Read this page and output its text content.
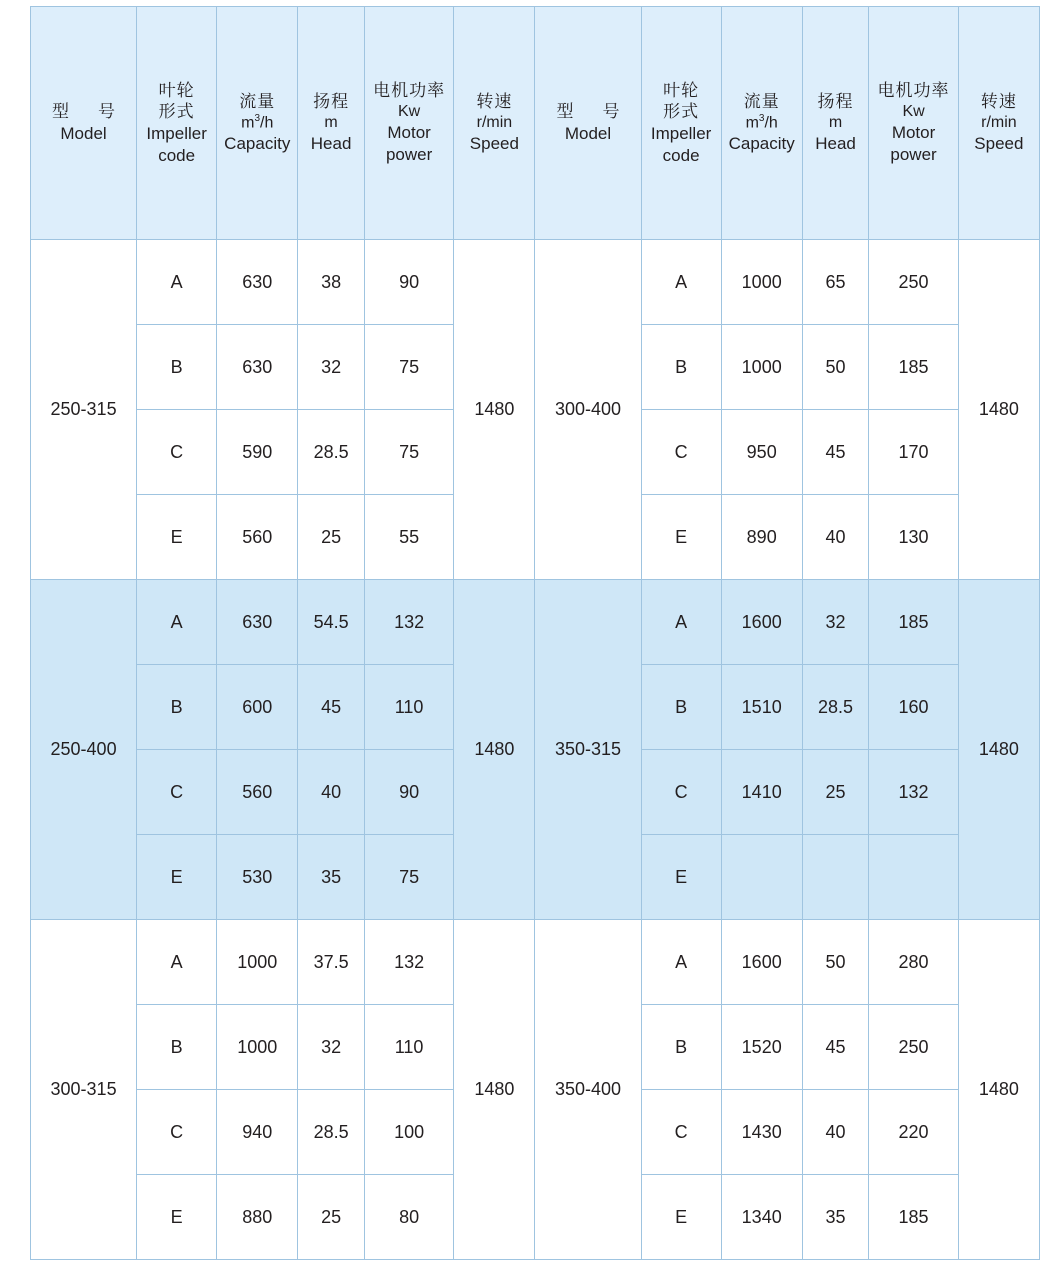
型　号
Model	叶轮
形式
Impeller
code	流量
$m^3/h$
Capacity	扬程
m
Head	电机功率
Kw
Motor
power	转速
r/min
Speed	型　号
Model	叶轮
形式
Impeller
code	流量
$m^3/h$
Capacity	扬程
m
Head	电机功率
Kw
Motor
power	转速
r/min
Speed

250-315	A	630	38	90	1480	300-400	A	1000	65	250	1480
	B	630	32	75			B	1000	50	185	
	C	590	28.5	75			C	950	45	170	
	E	560	25	55			E	890	40	130	
250-400	A	630	54.5	132	1480	350-315	A	1600	32	185	1480
	B	600	45	110			B	1510	28.5	160	
	C	560	40	90			C	1410	25	132	
	E	530	35	75			E				
300-315	A	1000	37.5	132	1480	350-400	A	1600	50	280	1480
	B	1000	32	110			B	1520	45	250	
	C	940	28.5	100			C	1430	40	220	
	E	880	25	80			E	1340	35	185	
